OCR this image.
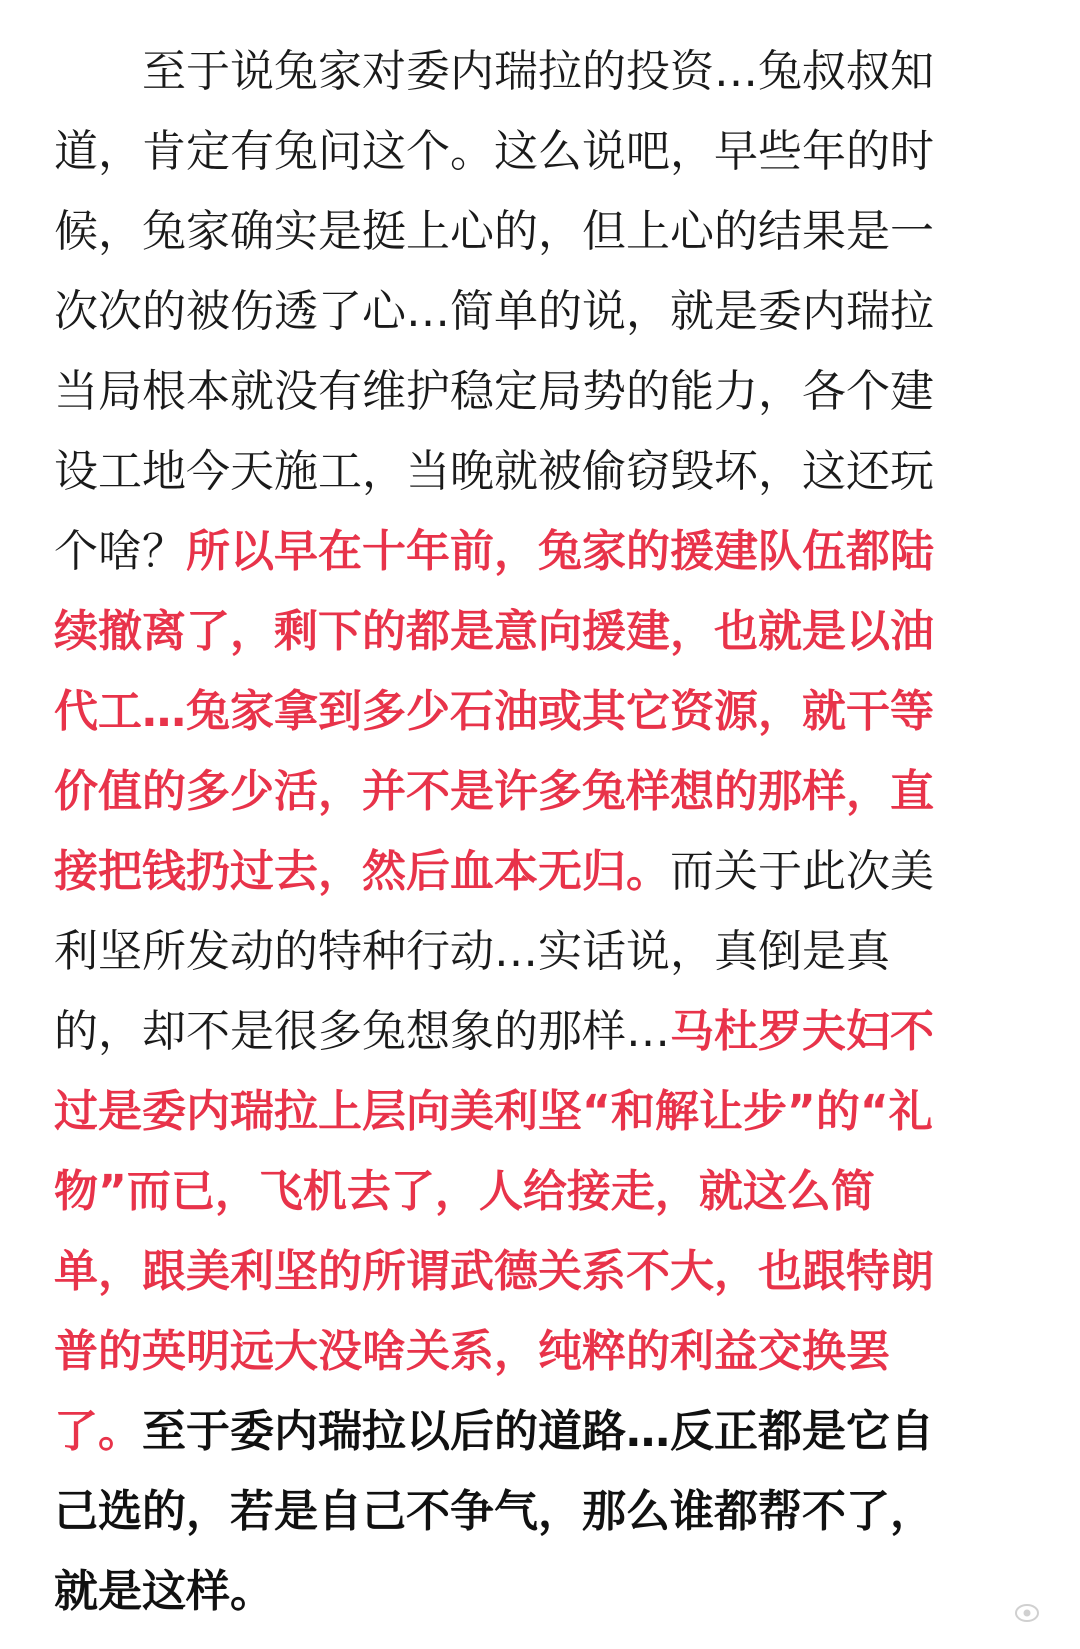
　　至于说兔家对委内瑞拉的投资…兔叔叔知
道，肯定有兔问这个。这么说吧，早些年的时
候，兔家确实是挺上心的，但上心的结果是一
次次的被伤透了心…简单的说，就是委内瑞拉
当局根本就没有维护稳定局势的能力，各个建
设工地今天施工，当晚就被偷窃毁坏，这还玩
个啥？所以早在十年前，兔家的援建队伍都陆
续撤离了，剩下的都是意向援建，也就是以油
代工…兔家拿到多少石油或其它资源，就干等
价值的多少活，并不是许多兔样想的那样，直
接把钱扔过去，然后血本无归。而关于此次美
利坚所发动的特种行动…实话说，真倒是真
的，却不是很多兔想象的那样…马杜罗夫妇不
过是委内瑞拉上层向美利坚“和解让步”的“礼
物”而已，飞机去了，人给接走，就这么简
单，跟美利坚的所谓武德关系不大，也跟特朗
普的英明远大没啥关系，纯粹的利益交换罢
了。至于委内瑞拉以后的道路…反正都是它自
己选的，若是自己不争气，那么谁都帮不了，
就是这样。
